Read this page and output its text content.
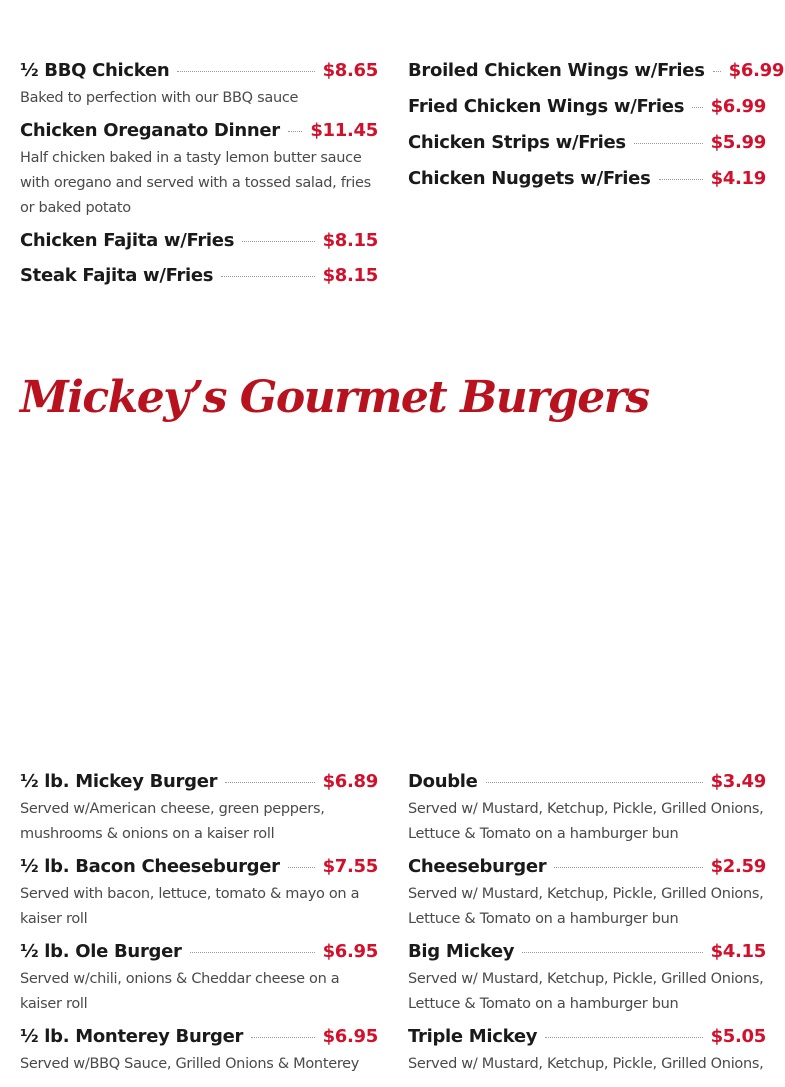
½ BBQ Chicken	$8.65
Baked to perfection with our BBQ sauce
Chicken Oreganato Dinner $11.45
Half chicken baked in a tasty lemon butter sauce with oregano and served with a tossed salad, fries or baked potato
Chicken Fajita w/Fries	$8.15
Steak Fajita w/Fries	$8.15
Broiled Chicken Wings w/Fries $6.99
Fried Chicken Wings w/Fries $6.99
Chicken Strips w/Fries	$5.99
Chicken Nuggets w/Fries	$4.19
Mickey’s Gourmet Burgers
½ lb. Mickey Burger	$6.89
Served w/American cheese, green peppers, mushrooms & onions on a kaiser roll
½ lb. Bacon Cheeseburger $7.55
Served with bacon, lettuce, tomato & mayo on a kaiser roll
½ lb. Ole Burger	$6.95
Served w/chili, onions & Cheddar cheese on a kaiser roll
½ lb. Monterey Burger	$6.95
Served w/BBQ Sauce, Grilled Onions & Monterey
Double	$3.49
Served w/ Mustard, Ketchup, Pickle, Grilled Onions, Lettuce & Tomato on a hamburger bun
Cheeseburger	$2.59
Served w/ Mustard, Ketchup, Pickle, Grilled Onions, Lettuce & Tomato on a hamburger bun
Big Mickey	$4.15
Served w/ Mustard, Ketchup, Pickle, Grilled Onions, Lettuce & Tomato on a hamburger bun
Triple Mickey	$5.05
Served w/ Mustard, Ketchup, Pickle, Grilled Onions,
